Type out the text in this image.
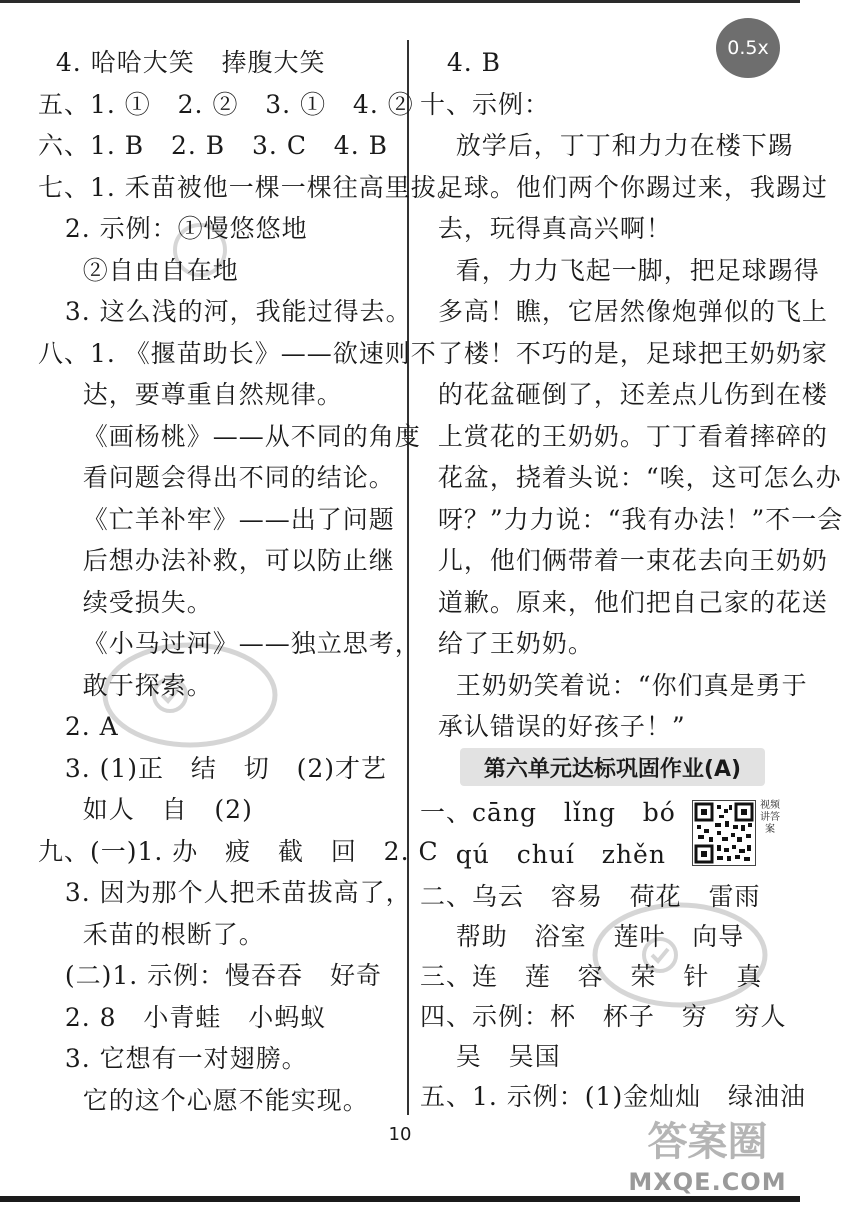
0.5x
4. 哈哈大笑   捧腹大笑
五、1. ①   2. ②   3. ①   4. ②
六、1. B   2. B   3. C   4. B
七、1. 禾苗被他一棵一棵往高里拔。
2. 示例：①慢悠悠地
②自由自在地
3. 这么浅的河，我能过得去。
八、1. 《揠苗助长》——欲速则不
达，要尊重自然规律。
《画杨桃》——从不同的角度
看问题会得出不同的结论。
《亡羊补牢》——出了问题
后想办法补救，可以防止继
续受损失。
《小马过河》——独立思考，
敢于探索。
2. A
3. (1)正   结   切   (2)才艺
如人   自   (2)
九、(一)1. 办   疲   截   回   2. C
3. 因为那个人把禾苗拔高了，
禾苗的根断了。
(二)1. 示例：慢吞吞   好奇
2. 8   小青蛙   小蚂蚁
3. 它想有一对翅膀。
它的这个心愿不能实现。
4. B
十、示例：
放学后，丁丁和力力在楼下踢
足球。他们两个你踢过来，我踢过
去，玩得真高兴啊！
看，力力飞起一脚，把足球踢得
多高！瞧，它居然像炮弹似的飞上
了楼！不巧的是，足球把王奶奶家
的花盆砸倒了，还差点儿伤到在楼
上赏花的王奶奶。丁丁看着摔碎的
花盆，挠着头说：“唉，这可怎么办
呀？”力力说：“我有办法！”不一会
儿，他们俩带着一束花去向王奶奶
道歉。原来，他们把自己家的花送
给了王奶奶。
王奶奶笑着说：“你们真是勇于
承认错误的好孩子！”
一、cāng   lǐng   bó
qú   chuí   zhěn
二、乌云   容易   荷花   雷雨
帮助   浴室   莲叶   向导
三、连   莲   容   荣   针   真
四、示例：杯   杯子   穷   穷人
吴   吴国
五、1. 示例：(1)金灿灿   绿油油
第六单元达标巩固作业(A)
视频讲答案
10	答案圈
MXQE.COM
